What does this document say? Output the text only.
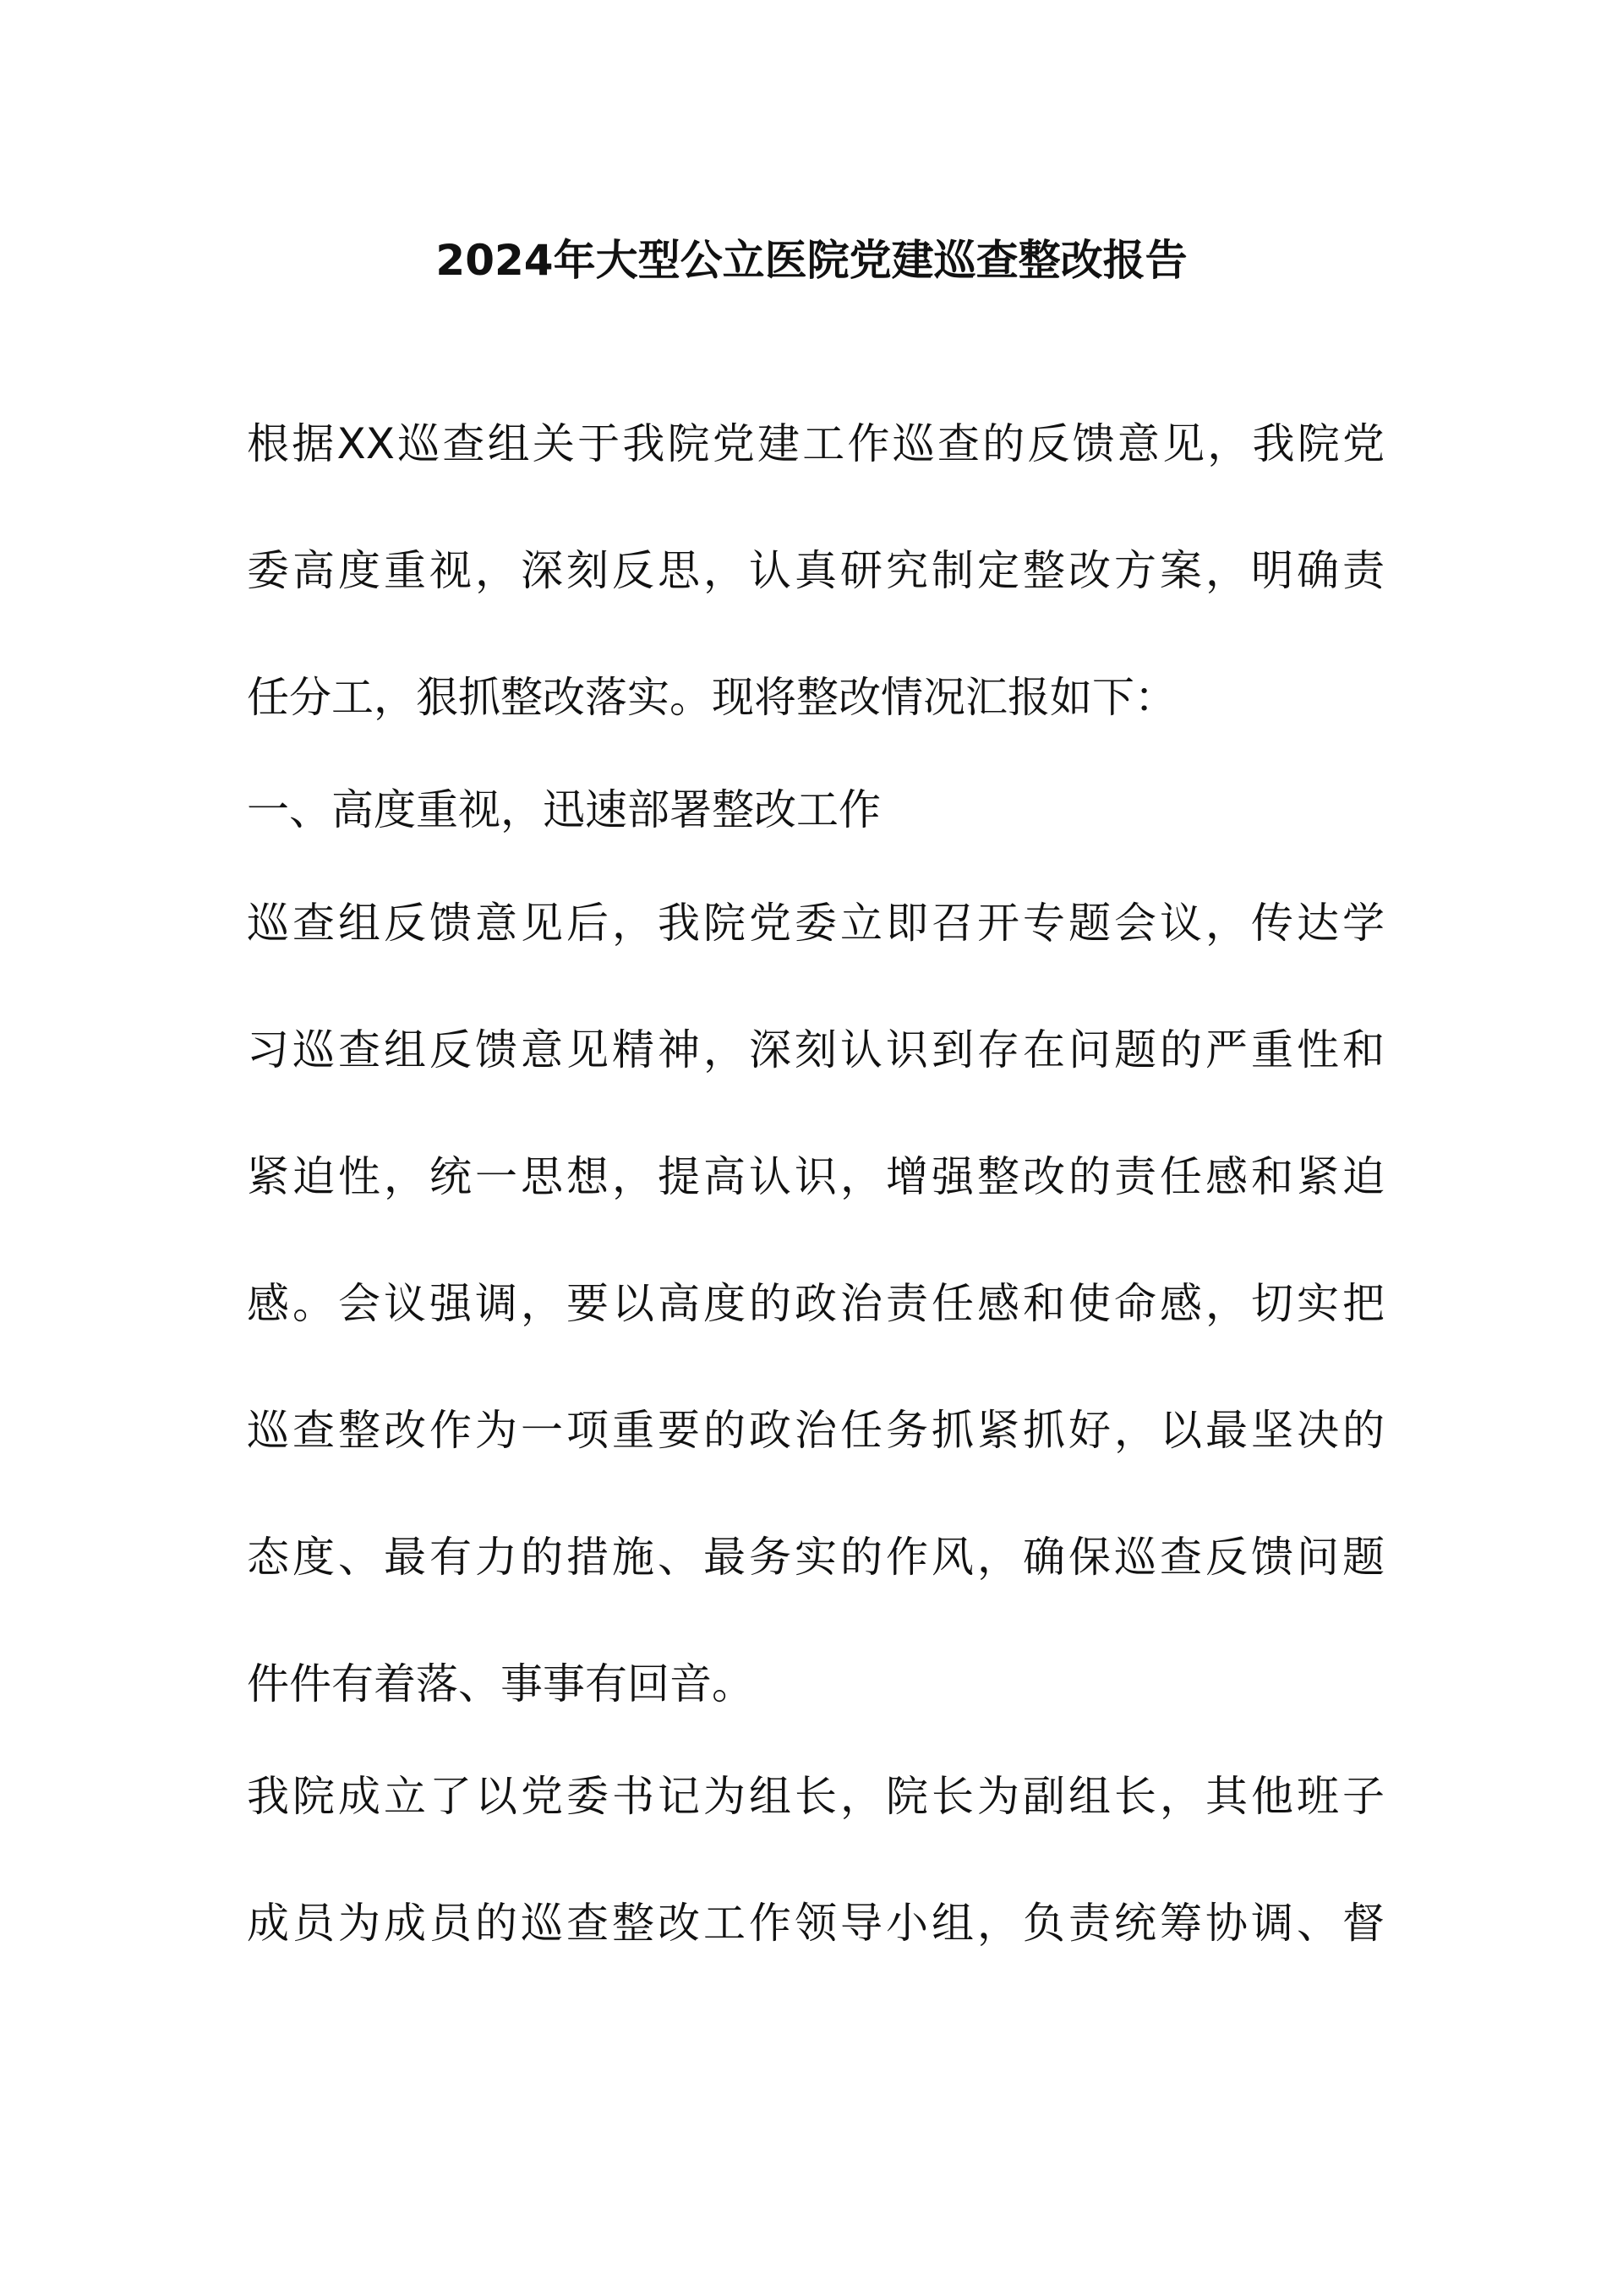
2024年大型公立医院党建巡查整改报告

根据XX巡查组关于我院党建工作巡查的反馈意见，我院党

委高度重视，深刻反思，认真研究制定整改方案，明确责

任分工，狠抓整改落实。现将整改情况汇报如下：

一、高度重视，迅速部署整改工作

巡查组反馈意见后，我院党委立即召开专题会议，传达学

习巡查组反馈意见精神，深刻认识到存在问题的严重性和

紧迫性，统一思想，提高认识，增强整改的责任感和紧迫

感。会议强调，要以高度的政治责任感和使命感，切实把

巡查整改作为一项重要的政治任务抓紧抓好，以最坚决的

态度、最有力的措施、最务实的作风，确保巡查反馈问题

件件有着落、事事有回音。

我院成立了以党委书记为组长，院长为副组长，其他班子

成员为成员的巡查整改工作领导小组，负责统筹协调、督
